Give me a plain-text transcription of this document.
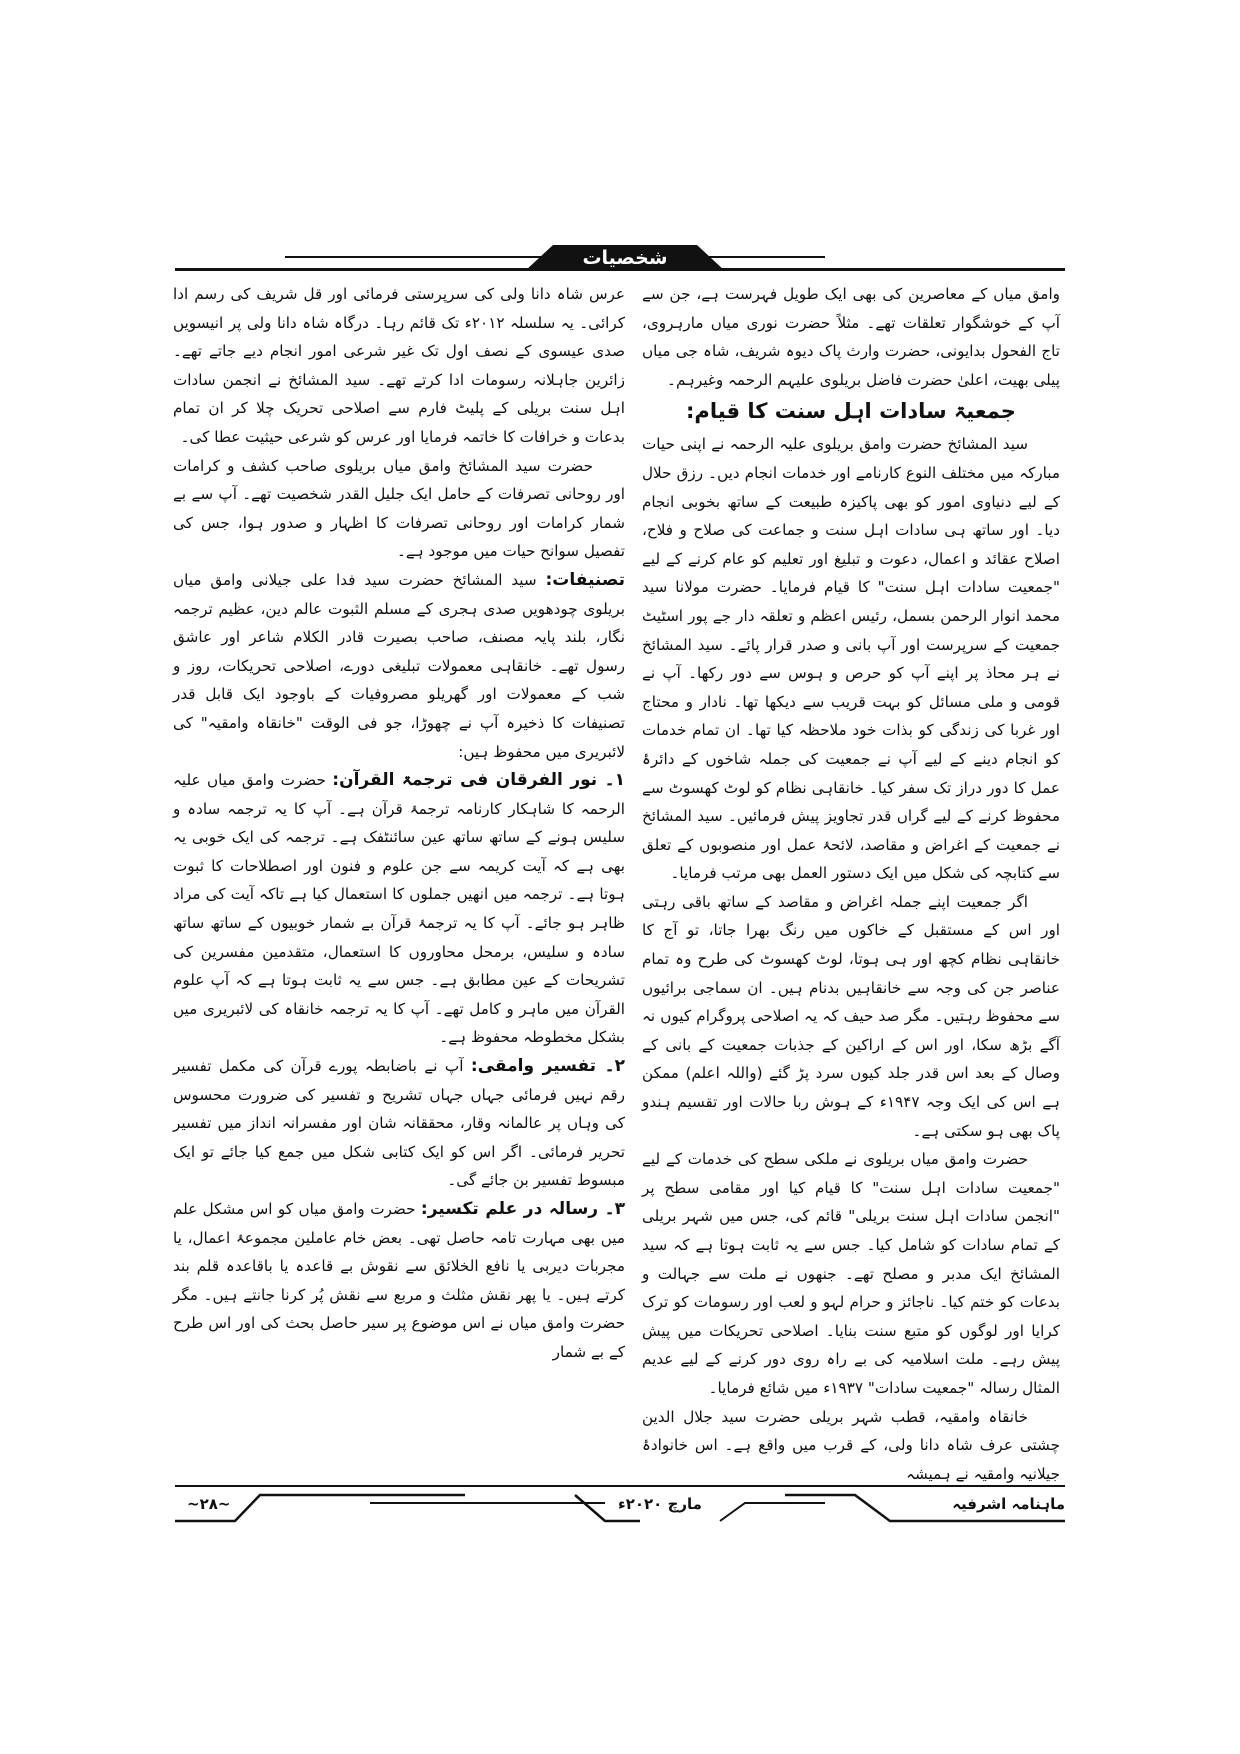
شخصیات

وامق میاں کے معاصرین کی بھی ایک طویل فہرست ہے، جن سے آپ کے خوشگوار تعلقات تھے۔ مثلاً حضرت نوری میاں مارہروی، تاج الفحول بدایونی، حضرت وارث پاک دیوہ شریف، شاہ جی میاں پیلی بھیت، اعلیٰ حضرت فاضل بریلوی علیہم الرحمہ وغیرہم۔

جمعیۃ سادات اہل سنت کا قیام:

سید المشائخ حضرت وامق بریلوی علیہ الرحمہ نے اپنی حیات مبارکہ میں مختلف النوع کارنامے اور خدمات انجام دیں۔ رزق حلال کے لیے دنیاوی امور کو بھی پاکیزہ طبیعت کے ساتھ بخوبی انجام دیا۔ اور ساتھ ہی سادات اہل سنت و جماعت کی صلاح و فلاح، اصلاح عقائد و اعمال، دعوت و تبلیغ اور تعلیم کو عام کرنے کے لیے "جمعیت سادات اہل سنت" کا قیام فرمایا۔ حضرت مولانا سید محمد انوار الرحمن بسمل، رئیس اعظم و تعلقہ دار جے پور اسٹیٹ جمعیت کے سرپرست اور آپ بانی و صدر قرار پائے۔ سید المشائخ نے ہر محاذ پر اپنے آپ کو حرص و ہوس سے دور رکھا۔ آپ نے قومی و ملی مسائل کو بہت قریب سے دیکھا تھا۔ نادار و محتاج اور غربا کی زندگی کو بذات خود ملاحظہ کیا تھا۔ ان تمام خدمات کو انجام دینے کے لیے آپ نے جمعیت کی جملہ شاخوں کے دائرۂ عمل کا دور دراز تک سفر کیا۔ خانقاہی نظام کو لوٹ کھسوٹ سے محفوظ کرنے کے لیے گراں قدر تجاویز پیش فرمائیں۔ سید المشائخ نے جمعیت کے اغراض و مقاصد، لائحۂ عمل اور منصوبوں کے تعلق سے کتابچہ کی شکل میں ایک دستور العمل بھی مرتب فرمایا۔

اگر جمعیت اپنے جملہ اغراض و مقاصد کے ساتھ باقی رہتی اور اس کے مستقبل کے خاکوں میں رنگ بھرا جاتا، تو آج کا خانقاہی نظام کچھ اور ہی ہوتا، لوٹ کھسوٹ کی طرح وہ تمام عناصر جن کی وجہ سے خانقاہیں بدنام ہیں۔ ان سماجی برائیوں سے محفوظ رہتیں۔ مگر صد حیف کہ یہ اصلاحی پروگرام کیوں نہ آگے بڑھ سکا، اور اس کے اراکین کے جذبات جمعیت کے بانی کے وصال کے بعد اس قدر جلد کیوں سرد پڑ گئے (واللہ اعلم) ممکن ہے اس کی ایک وجہ ۱۹۴۷ء کے ہوش ربا حالات اور تقسیم ہندو پاک بھی ہو سکتی ہے۔

حضرت وامق میاں بریلوی نے ملکی سطح کی خدمات کے لیے "جمعیت سادات اہل سنت" کا قیام کیا اور مقامی سطح پر "انجمن سادات اہل سنت بریلی" قائم کی، جس میں شہر بریلی کے تمام سادات کو شامل کیا۔ جس سے یہ ثابت ہوتا ہے کہ سید المشائخ ایک مدبر و مصلح تھے۔ جنھوں نے ملت سے جہالت و بدعات کو ختم کیا۔ ناجائز و حرام لہو و لعب اور رسومات کو ترک کرایا اور لوگوں کو متبع سنت بنایا۔ اصلاحی تحریکات میں پیش پیش رہے۔ ملت اسلامیہ کی بے راہ روی دور کرنے کے لیے عدیم المثال رسالہ "جمعیت سادات" ۱۹۳۷ء میں شائع فرمایا۔

خانقاہ وامقیہ، قطب شہر بریلی حضرت سید جلال الدین چشتی عرف شاہ دانا ولی، کے قرب میں واقع ہے۔ اس خانوادۂ جیلانیہ وامقیہ نے ہمیشہ

عرس شاہ دانا ولی کی سرپرستی فرمائی اور قل شریف کی رسم ادا کرائی۔ یہ سلسلہ ۲۰۱۲ء تک قائم رہا۔ درگاہ شاہ دانا ولی پر انیسویں صدی عیسوی کے نصف اول تک غیر شرعی امور انجام دیے جاتے تھے۔ زائرین جاہلانہ رسومات ادا کرتے تھے۔ سید المشائخ نے انجمن سادات اہل سنت بریلی کے پلیٹ فارم سے اصلاحی تحریک چلا کر ان تمام بدعات و خرافات کا خاتمہ فرمایا اور عرس کو شرعی حیثیت عطا کی۔

حضرت سید المشائخ وامق میاں بریلوی صاحب کشف و کرامات اور روحانی تصرفات کے حامل ایک جلیل القدر شخصیت تھے۔ آپ سے بے شمار کرامات اور روحانی تصرفات کا اظہار و صدور ہوا، جس کی تفصیل سوانح حیات میں موجود ہے۔

تصنیفات: سید المشائخ حضرت سید فدا علی جیلانی وامق میاں بریلوی چودھویں صدی ہجری کے مسلم الثبوت عالم دین، عظیم ترجمہ نگار، بلند پایہ مصنف، صاحب بصیرت قادر الکلام شاعر اور عاشق رسول تھے۔ خانقاہی معمولات تبلیغی دورے، اصلاحی تحریکات، روز و شب کے معمولات اور گھریلو مصروفیات کے باوجود ایک قابل قدر تصنیفات کا ذخیرہ آپ نے چھوڑا، جو فی الوقت "خانقاہ وامقیہ" کی لائبریری میں محفوظ ہیں:

۱۔ نور الفرقان فی ترجمۃ القرآن: حضرت وامق میاں علیہ الرحمہ کا شاہکار کارنامہ ترجمۂ قرآن ہے۔ آپ کا یہ ترجمہ سادہ و سلیس ہونے کے ساتھ ساتھ عین سائنٹفک ہے۔ ترجمہ کی ایک خوبی یہ بھی ہے کہ آیت کریمہ سے جن علوم و فنون اور اصطلاحات کا ثبوت ہوتا ہے۔ ترجمہ میں انھیں جملوں کا استعمال کیا ہے تاکہ آیت کی مراد ظاہر ہو جائے۔ آپ کا یہ ترجمۂ قرآن بے شمار خوبیوں کے ساتھ ساتھ سادہ و سلیس، برمحل محاوروں کا استعمال، متقدمین مفسرین کی تشریحات کے عین مطابق ہے۔ جس سے یہ ثابت ہوتا ہے کہ آپ علوم القرآن میں ماہر و کامل تھے۔ آپ کا یہ ترجمہ خانقاہ کی لائبریری میں بشکل مخطوطہ محفوظ ہے۔

۲۔ تفسیر وامقی: آپ نے باضابطہ پورے قرآن کی مکمل تفسیر رقم نہیں فرمائی جہاں جہاں تشریح و تفسیر کی ضرورت محسوس کی وہاں پر عالمانہ وقار، محققانہ شان اور مفسرانہ انداز میں تفسیر تحریر فرمائی۔ اگر اس کو ایک کتابی شکل میں جمع کیا جائے تو ایک مبسوط تفسیر بن جائے گی۔

۳۔ رسالہ در علم تکسیر: حضرت وامق میاں کو اس مشکل علم میں بھی مہارت تامہ حاصل تھی۔ بعض خام عاملین مجموعۂ اعمال، یا مجربات دیربی یا نافع الخلائق سے نقوش بے قاعدہ یا باقاعدہ قلم بند کرتے ہیں۔ یا پھر نقش مثلث و مربع سے نقش پُر کرنا جانتے ہیں۔ مگر حضرت وامق میاں نے اس موضوع پر سیر حاصل بحث کی اور اس طرح کے بے شمار

~۲۸~	مارچ ۲۰۲۰ء	ماہنامہ اشرفیہ
